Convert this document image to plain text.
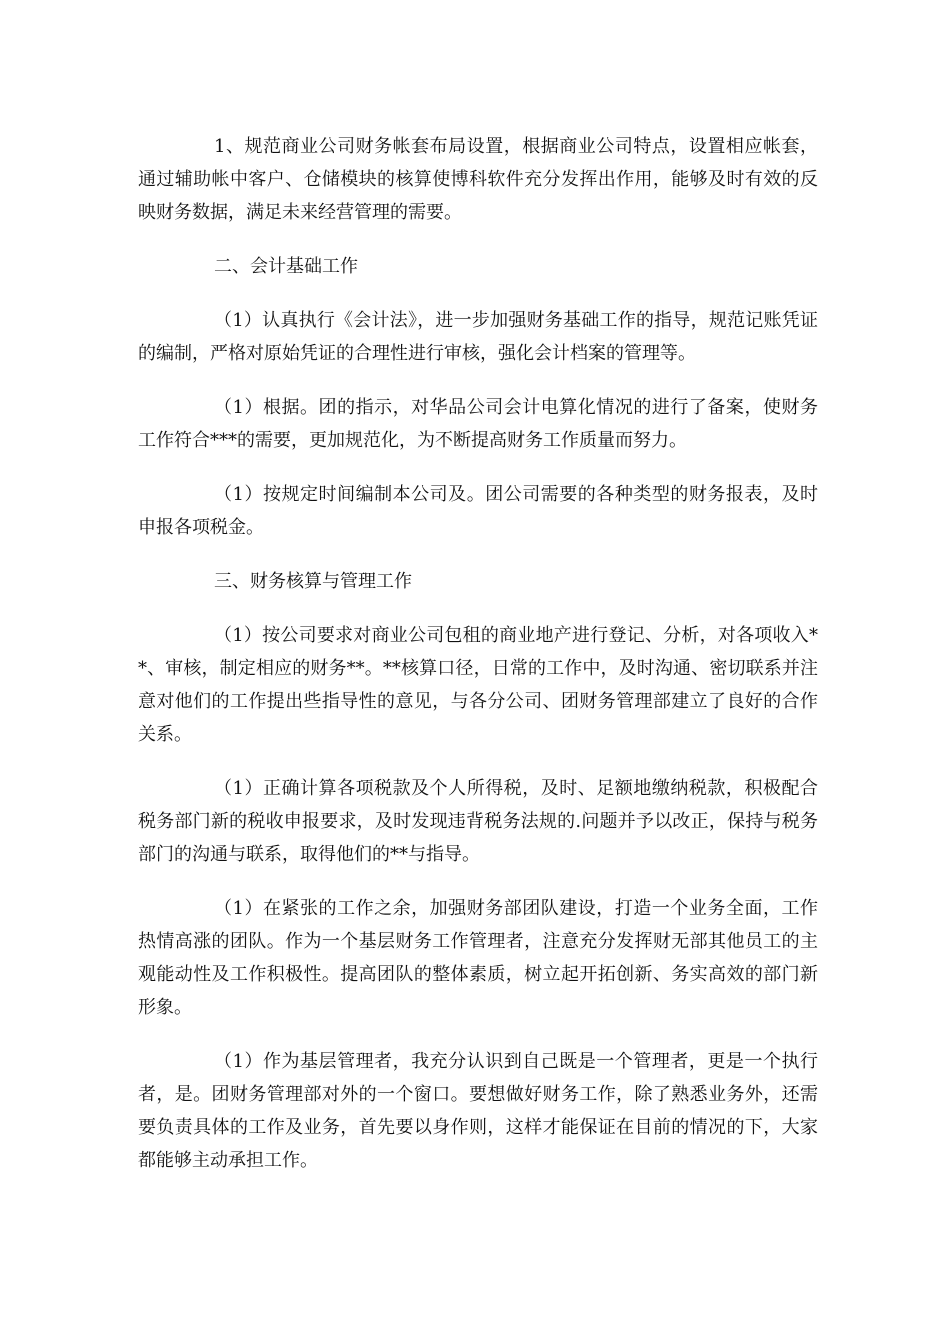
1、规范商业公司财务帐套布局设置，根据商业公司特点，设置相应帐套，通过辅助帐中客户、仓储模块的核算使博科软件充分发挥出作用，能够及时有效的反映财务数据，满足未来经营管理的需要。

二、会计基础工作

（1）认真执行《会计法》，进一步加强财务基础工作的指导，规范记账凭证的编制，严格对原始凭证的合理性进行审核，强化会计档案的管理等。

（1）根据。团的指示，对华品公司会计电算化情况的进行了备案，使财务工作符合***的需要，更加规范化，为不断提高财务工作质量而努力。

（1）按规定时间编制本公司及。团公司需要的各种类型的财务报表，及时申报各项税金。

三、财务核算与管理工作

（1）按公司要求对商业公司包租的商业地产进行登记、分析，对各项收入**、审核，制定相应的财务**。**核算口径，日常的工作中，及时沟通、密切联系并注意对他们的工作提出些指导性的意见，与各分公司、团财务管理部建立了良好的合作关系。

（1）正确计算各项税款及个人所得税，及时、足额地缴纳税款，积极配合税务部门新的税收申报要求，及时发现违背税务法规的.问题并予以改正，保持与税务部门的沟通与联系，取得他们的**与指导。

（1）在紧张的工作之余，加强财务部团队建设，打造一个业务全面，工作热情高涨的团队。作为一个基层财务工作管理者，注意充分发挥财无部其他员工的主观能动性及工作积极性。提高团队的整体素质，树立起开拓创新、务实高效的部门新形象。

（1）作为基层管理者，我充分认识到自己既是一个管理者，更是一个执行者，是。团财务管理部对外的一个窗口。要想做好财务工作，除了熟悉业务外，还需要负责具体的工作及业务，首先要以身作则，这样才能保证在目前的情况的下，大家都能够主动承担工作。
